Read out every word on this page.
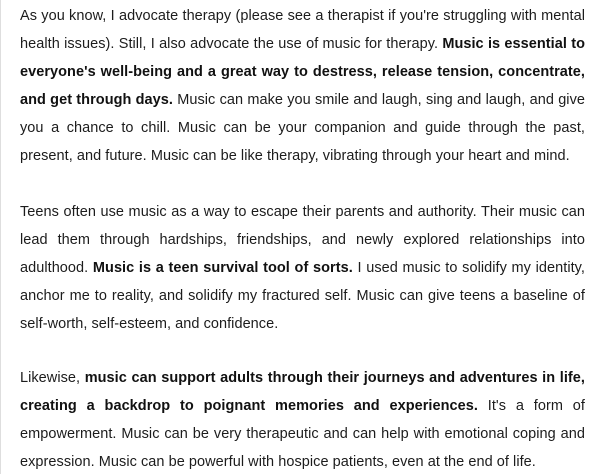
As you know, I advocate therapy (please see a therapist if you're struggling with mental health issues). Still, I also advocate the use of music for therapy. Music is essential to everyone's well-being and a great way to destress, release tension, concentrate, and get through days. Music can make you smile and laugh, sing and laugh, and give you a chance to chill. Music can be your companion and guide through the past, present, and future. Music can be like therapy, vibrating through your heart and mind.

Teens often use music as a way to escape their parents and authority. Their music can lead them through hardships, friendships, and newly explored relationships into adulthood. Music is a teen survival tool of sorts. I used music to solidify my identity, anchor me to reality, and solidify my fractured self. Music can give teens a baseline of self-worth, self-esteem, and confidence.

Likewise, music can support adults through their journeys and adventures in life, creating a backdrop to poignant memories and experiences. It's a form of empowerment. Music can be very therapeutic and can help with emotional coping and expression. Music can be powerful with hospice patients, even at the end of life.
